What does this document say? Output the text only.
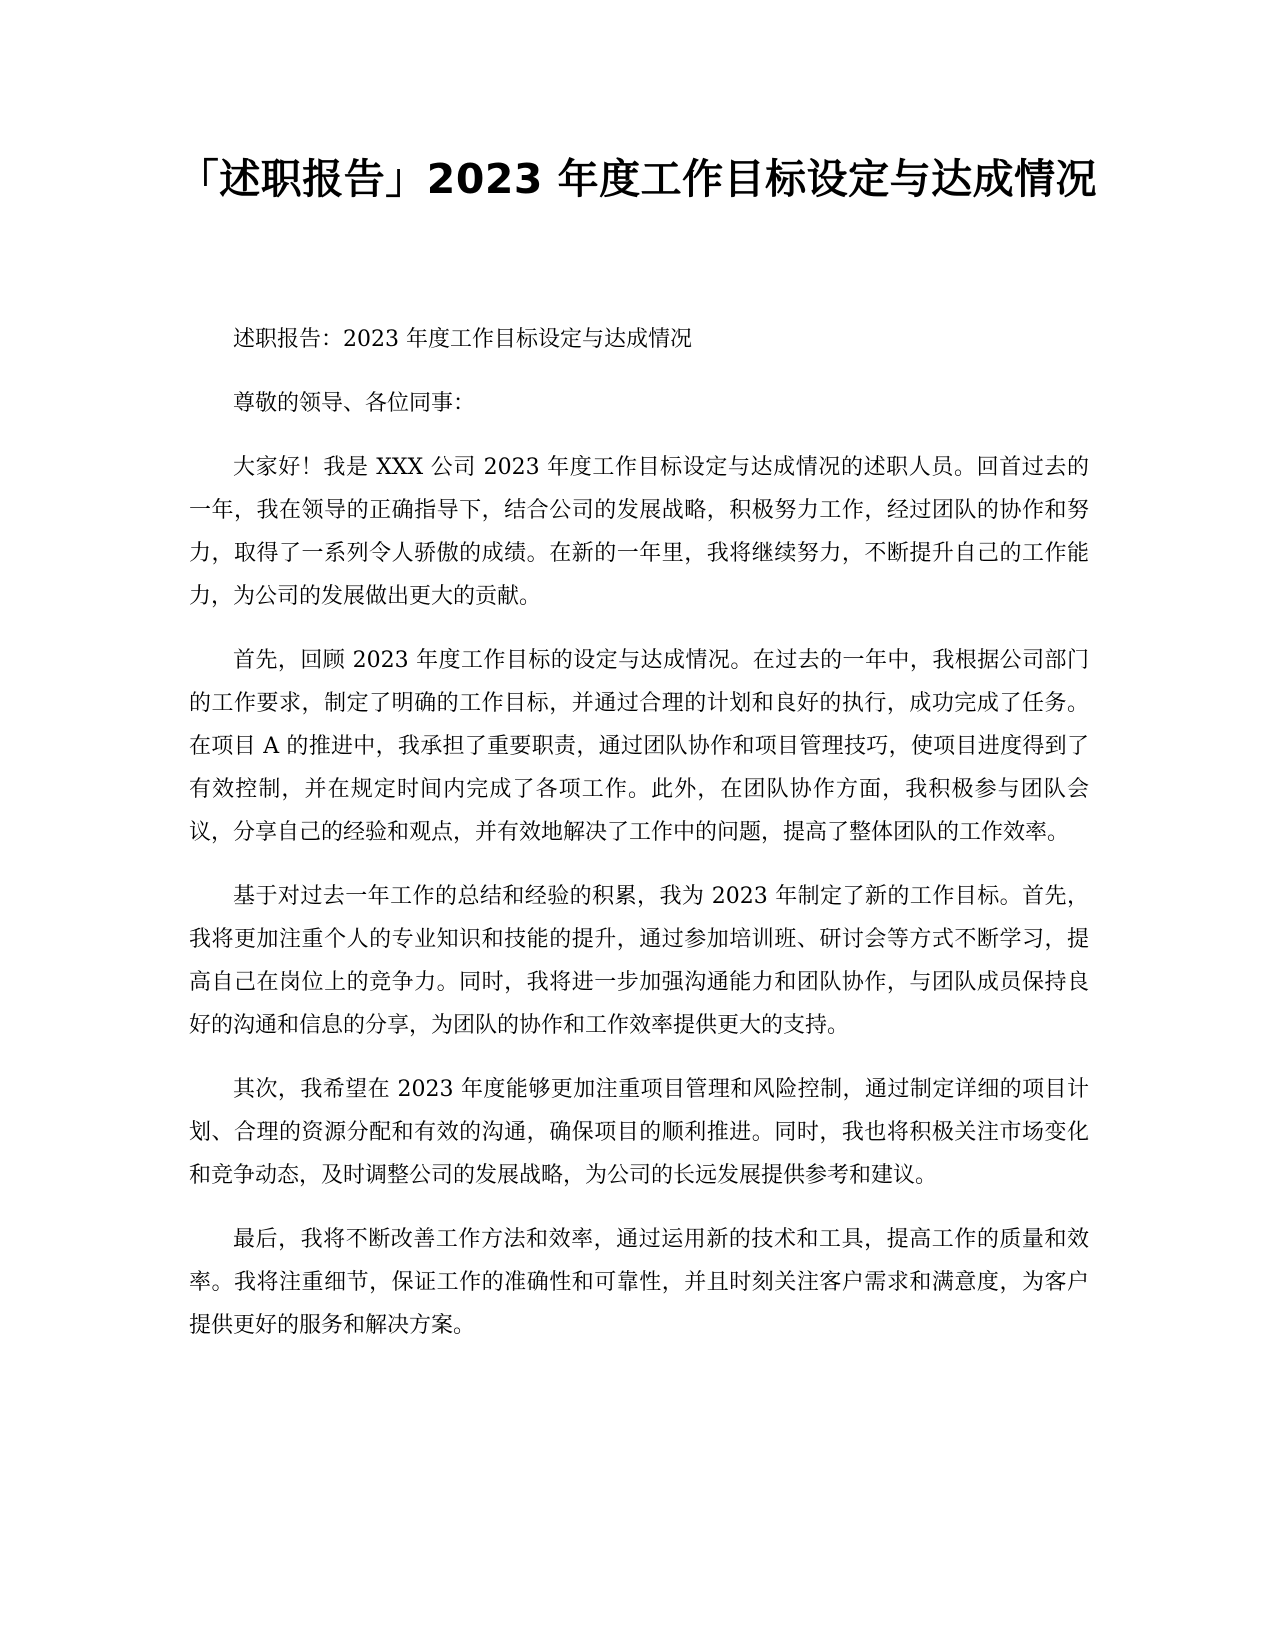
「述职报告」2023 年度工作目标设定与达成情况

述职报告：2023 年度工作目标设定与达成情况

尊敬的领导、各位同事：

大家好！我是 XXX 公司 2023 年度工作目标设定与达成情况的述职人员。回首过去的一年，我在领导的正确指导下，结合公司的发展战略，积极努力工作，经过团队的协作和努力，取得了一系列令人骄傲的成绩。在新的一年里，我将继续努力，不断提升自己的工作能力，为公司的发展做出更大的贡献。

首先，回顾 2023 年度工作目标的设定与达成情况。在过去的一年中，我根据公司部门的工作要求，制定了明确的工作目标，并通过合理的计划和良好的执行，成功完成了任务。在项目 A 的推进中，我承担了重要职责，通过团队协作和项目管理技巧，使项目进度得到了有效控制，并在规定时间内完成了各项工作。此外，在团队协作方面，我积极参与团队会议，分享自己的经验和观点，并有效地解决了工作中的问题，提高了整体团队的工作效率。

基于对过去一年工作的总结和经验的积累，我为 2023 年制定了新的工作目标。首先，我将更加注重个人的专业知识和技能的提升，通过参加培训班、研讨会等方式不断学习，提高自己在岗位上的竞争力。同时，我将进一步加强沟通能力和团队协作，与团队成员保持良好的沟通和信息的分享，为团队的协作和工作效率提供更大的支持。

其次，我希望在 2023 年度能够更加注重项目管理和风险控制，通过制定详细的项目计划、合理的资源分配和有效的沟通，确保项目的顺利推进。同时，我也将积极关注市场变化和竞争动态，及时调整公司的发展战略，为公司的长远发展提供参考和建议。

最后，我将不断改善工作方法和效率，通过运用新的技术和工具，提高工作的质量和效率。我将注重细节，保证工作的准确性和可靠性，并且时刻关注客户需求和满意度，为客户提供更好的服务和解决方案。
